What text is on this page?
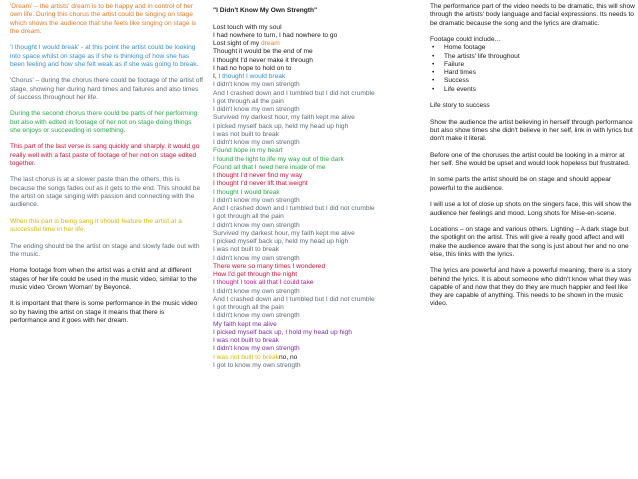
'Dream' – the artists' dream is to be happy and in control of her own life. During this chorus the artist could be singing on stage which shows the audience that she feels like singing on stage is the dream.

'I thought I would break' - at this point the artist could be looking into space whilst on stage as if she is thinking of how she has been feeling and how she felt weak as if she was going to break.

'Chorus' – during the chorus there could be footage of the artist off stage, showing her during hard times and failures and also times of success throughout her life.

During the second chorus there could be parts of her performing but also with edited in footage of her not on stage doing things she enjoys or succeeding in something.

This part of the last verse is sang quickly and sharply, it would go really well with a fast paste of footage of her not on stage edited together.

The last chorus is at a slower paste than the others, this is because the songs fades out as it gets to the end. This should be the artist on stage singing with passion and connecting with the audience.

When this part is being sang it should feature the artist at a successful time in her life.

The ending should be the artist on stage and slowly fade out with the music.

Home footage from when the artist was a child and at different stages of her life could be used in the music video, similar to the music video 'Grown Woman' by Beyoncé.

It is important that there is some performance in the music video so by having the artist on stage it means that there is performance and it goes with her dream.

"I Didn't Know My Own Strength"
Lost touch with my soul
I had nowhere to turn, I had nowhere to go
Lost sight of my dream
Thought it would be the end of me
I thought I'd never make it through
I had no hope to hold on to
I, I thought I would break
I didn't know my own strength
And I crashed down and I tumbled but I did not crumble
I got through all the pain
I didn't know my own strength
Survived my darkest hour, my faith kept me alive
I picked myself back up, held my head up high
I was not built to break
I didn't know my own strength
Found hope in my heart
I found the light to life my way out of the dark
Found all that I need here inside of me
I thought I'd never find my way
I thought I'd never lift that weight
I thought I would break
I didn't know my own strength
And I crashed down and I tumbled but I did not crumble
I got through all the pain
I didn't know my own strength
Survived my darkest hour, my faith kept me alive
I picked myself back up, held my head up high
I was not built to break
I didn't know my own strength
There were so many times I wondered
How I'd get through the night
I thought I took all that I could take
I didn't know my own strength
And I crashed down and I tumbled but I did not crumble
I got through all the pain
I didn't know my own strength
My faith kept me alive
I picked myself back up, I hold my head up high
I was not built to break
I didn't know my own strength
I was not built to breakno, no
I got to know my own strength

The performance part of the video needs to be dramatic, this will show through the artists' body language and facial expressions. Its needs to be dramatic because the song and the lyrics are dramatic.

Footage could include…
• Home footage
• The artists' life throughout
• Failure
• Hard times
• Success
• Life events

Life story to success

Show the audience the artist believing in herself through performance but also show times she didn't believe in her self, link in with lyrics but don't make it literal.

Before one of the choruses the artist could be looking in a mirror at her self. She would be upset and would look hopeless but frustrated.

In some parts the artist should be on stage and should appear powerful to the audience.

I will use a lot of close up shots on the singers face, this will show the audience her feelings and mood. Long shots for Mise-en-scene.

Locations – on stage and various others. Lighting – A dark stage but the spotlight on the artist. This will give a really good affect and will make the audience aware that the song is just about her and no one else, this links with the lyrics.

The lyrics are powerful and have a powerful meaning, there is a story behind the lyrics. It is about someone who didn't know what they was capable of and now that they do they are much happier and feel like they are capable of anything. This needs to be shown in the music video.
